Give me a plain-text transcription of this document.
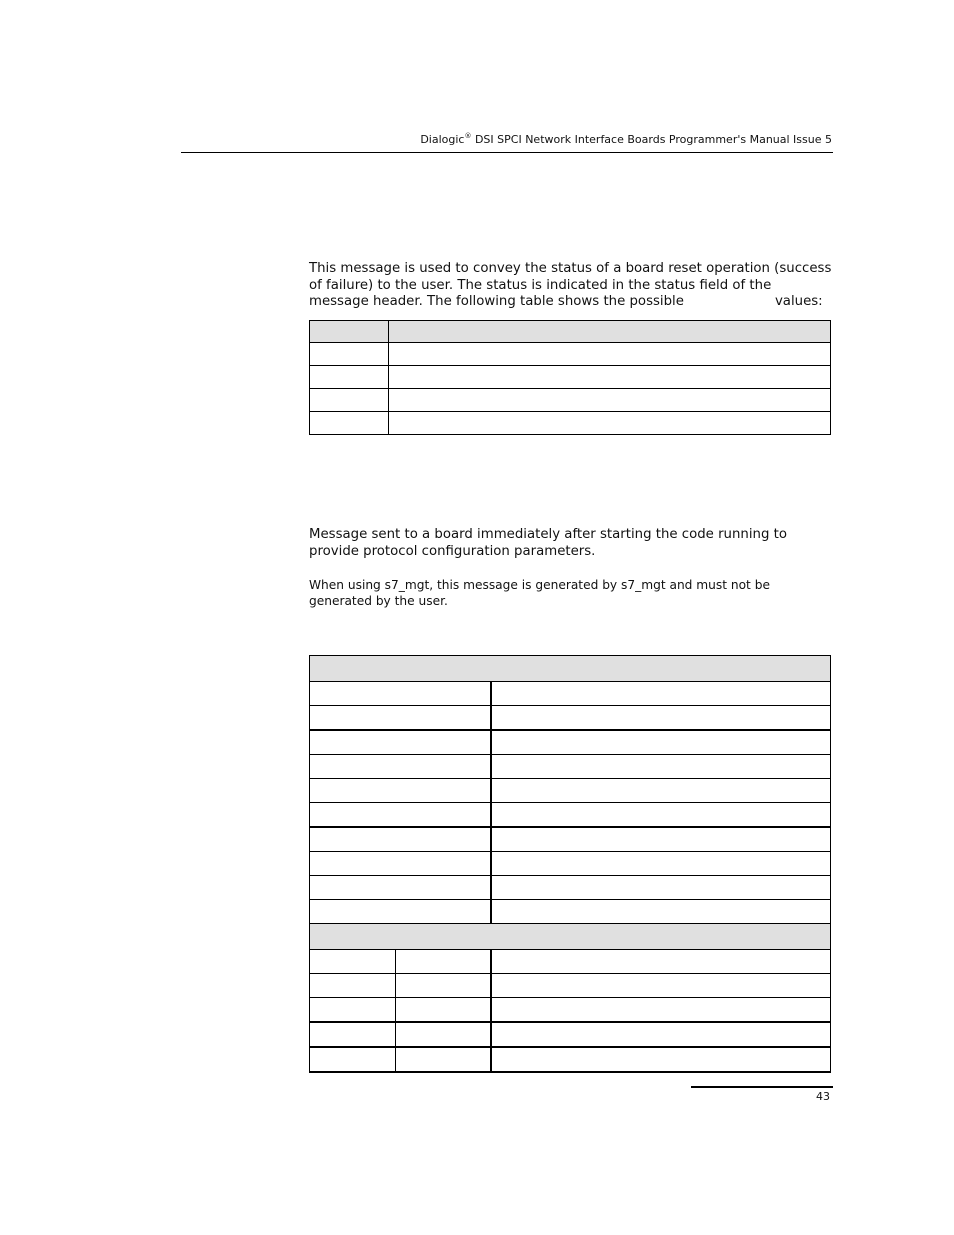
Dialogic® DSI SPCI Network Interface Boards Programmer's Manual Issue 5
This message is used to convey the status of a board reset operation (success
of failure) to the user. The status is indicated in the status field of the
message header. The following table shows the possible	values:

Message sent to a board immediately after starting the code running to
provide protocol configuration parameters.
When using s7_mgt, this message is generated by s7_mgt and must not be
generated by the user.

43
